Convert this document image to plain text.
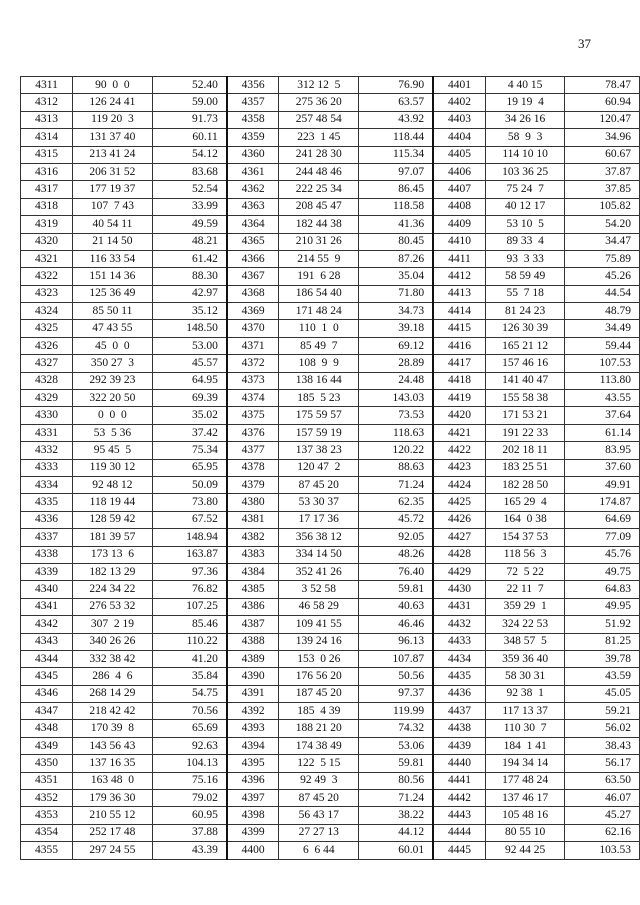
37
4311	90  0  0	52.40	4356	312 12  5	76.90	4401	4 40 15	78.47
4312	126 24 41	59.00	4357	275 36 20	63.57	4402	19 19  4	60.94
4313	119 20  3	91.73	4358	257 48 54	43.92	4403	34 26 16	120.47
4314	131 37 40	60.11	4359	223  1 45	118.44	4404	58  9  3	34.96
4315	213 41 24	54.12	4360	241 28 30	115.34	4405	114 10 10	60.67
4316	206 31 52	83.68	4361	244 48 46	97.07	4406	103 36 25	37.87
4317	177 19 37	52.54	4362	222 25 34	86.45	4407	75 24  7	37.85
4318	107  7 43	33.99	4363	208 45 47	118.58	4408	40 12 17	105.82
4319	40 54 11	49.59	4364	182 44 38	41.36	4409	53 10  5	54.20
4320	21 14 50	48.21	4365	210 31 26	80.45	4410	89 33  4	34.47
4321	116 33 54	61.42	4366	214 55  9	87.26	4411	93  3 33	75.89
4322	151 14 36	88.30	4367	191  6 28	35.04	4412	58 59 49	45.26
4323	125 36 49	42.97	4368	186 54 40	71.80	4413	55  7 18	44.54
4324	85 50 11	35.12	4369	171 48 24	34.73	4414	81 24 23	48.79
4325	47 43 55	148.50	4370	110  1  0	39.18	4415	126 30 39	34.49
4326	45  0  0	53.00	4371	85 49  7	69.12	4416	165 21 12	59.44
4327	350 27  3	45.57	4372	108  9  9	28.89	4417	157 46 16	107.53
4328	292 39 23	64.95	4373	138 16 44	24.48	4418	141 40 47	113.80
4329	322 20 50	69.39	4374	185  5 23	143.03	4419	155 58 38	43.55
4330	0  0  0	35.02	4375	175 59 57	73.53	4420	171 53 21	37.64
4331	53  5 36	37.42	4376	157 59 19	118.63	4421	191 22 33	61.14
4332	95 45  5	75.34	4377	137 38 23	120.22	4422	202 18 11	83.95
4333	119 30 12	65.95	4378	120 47  2	88.63	4423	183 25 51	37.60
4334	92 48 12	50.09	4379	87 45 20	71.24	4424	182 28 50	49.91
4335	118 19 44	73.80	4380	53 30 37	62.35	4425	165 29  4	174.87
4336	128 59 42	67.52	4381	17 17 36	45.72	4426	164  0 38	64.69
4337	181 39 57	148.94	4382	356 38 12	92.05	4427	154 37 53	77.09
4338	173 13  6	163.87	4383	334 14 50	48.26	4428	118 56  3	45.76
4339	182 13 29	97.36	4384	352 41 26	76.40	4429	72  5 22	49.75
4340	224 34 22	76.82	4385	3 52 58	59.81	4430	22 11  7	64.83
4341	276 53 32	107.25	4386	46 58 29	40.63	4431	359 29  1	49.95
4342	307  2 19	85.46	4387	109 41 55	46.46	4432	324 22 53	51.92
4343	340 26 26	110.22	4388	139 24 16	96.13	4433	348 57  5	81.25
4344	332 38 42	41.20	4389	153  0 26	107.87	4434	359 36 40	39.78
4345	286  4  6	35.84	4390	176 56 20	50.56	4435	58 30 31	43.59
4346	268 14 29	54.75	4391	187 45 20	97.37	4436	92 38  1	45.05
4347	218 42 42	70.56	4392	185  4 39	119.99	4437	117 13 37	59.21
4348	170 39  8	65.69	4393	188 21 20	74.32	4438	110 30  7	56.02
4349	143 56 43	92.63	4394	174 38 49	53.06	4439	184  1 41	38.43
4350	137 16 35	104.13	4395	122  5 15	59.81	4440	194 34 14	56.17
4351	163 48  0	75.16	4396	92 49  3	80.56	4441	177 48 24	63.50
4352	179 36 30	79.02	4397	87 45 20	71.24	4442	137 46 17	46.07
4353	210 55 12	60.95	4398	56 43 17	38.22	4443	105 48 16	45.27
4354	252 17 48	37.88	4399	27 27 13	44.12	4444	80 55 10	62.16
4355	297 24 55	43.39	4400	6  6 44	60.01	4445	92 44 25	103.53
